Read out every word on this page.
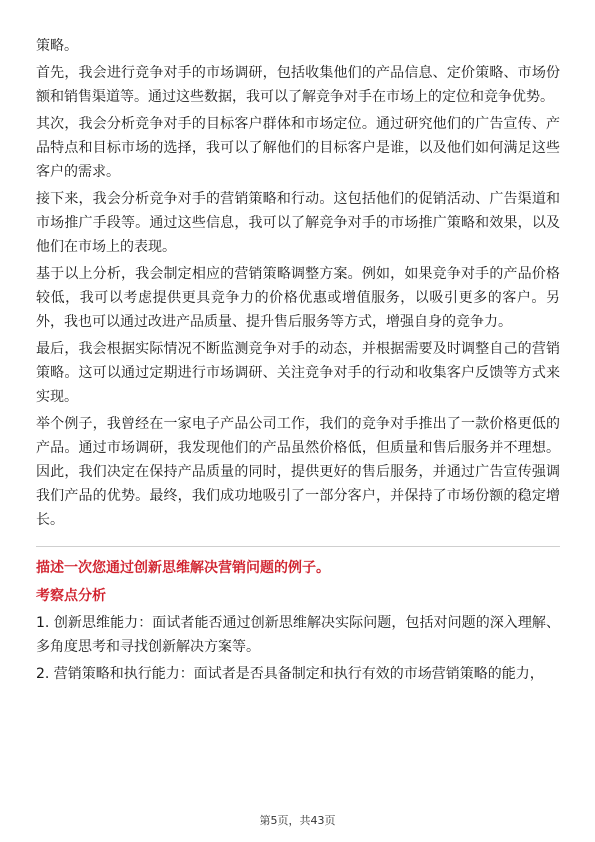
策略。

首先，我会进行竞争对手的市场调研，包括收集他们的产品信息、定价策略、市场份额和销售渠道等。通过这些数据，我可以了解竞争对手在市场上的定位和竞争优势。

其次，我会分析竞争对手的目标客户群体和市场定位。通过研究他们的广告宣传、产品特点和目标市场的选择，我可以了解他们的目标客户是谁，以及他们如何满足这些客户的需求。

接下来，我会分析竞争对手的营销策略和行动。这包括他们的促销活动、广告渠道和市场推广手段等。通过这些信息，我可以了解竞争对手的市场推广策略和效果，以及他们在市场上的表现。

基于以上分析，我会制定相应的营销策略调整方案。例如，如果竞争对手的产品价格较低，我可以考虑提供更具竞争力的价格优惠或增值服务，以吸引更多的客户。另外，我也可以通过改进产品质量、提升售后服务等方式，增强自身的竞争力。

最后，我会根据实际情况不断监测竞争对手的动态，并根据需要及时调整自己的营销策略。这可以通过定期进行市场调研、关注竞争对手的行动和收集客户反馈等方式来实现。

举个例子，我曾经在一家电子产品公司工作，我们的竞争对手推出了一款价格更低的产品。通过市场调研，我发现他们的产品虽然价格低，但质量和售后服务并不理想。因此，我们决定在保持产品质量的同时，提供更好的售后服务，并通过广告宣传强调我们产品的优势。最终，我们成功地吸引了一部分客户，并保持了市场份额的稳定增长。

描述一次您通过创新思维解决营销问题的例子。
考察点分析

1. 创新思维能力：面试者能否通过创新思维解决实际问题，包括对问题的深入理解、多角度思考和寻找创新解决方案等。

2. 营销策略和执行能力：面试者是否具备制定和执行有效的市场营销策略的能力，

第5页，共43页
